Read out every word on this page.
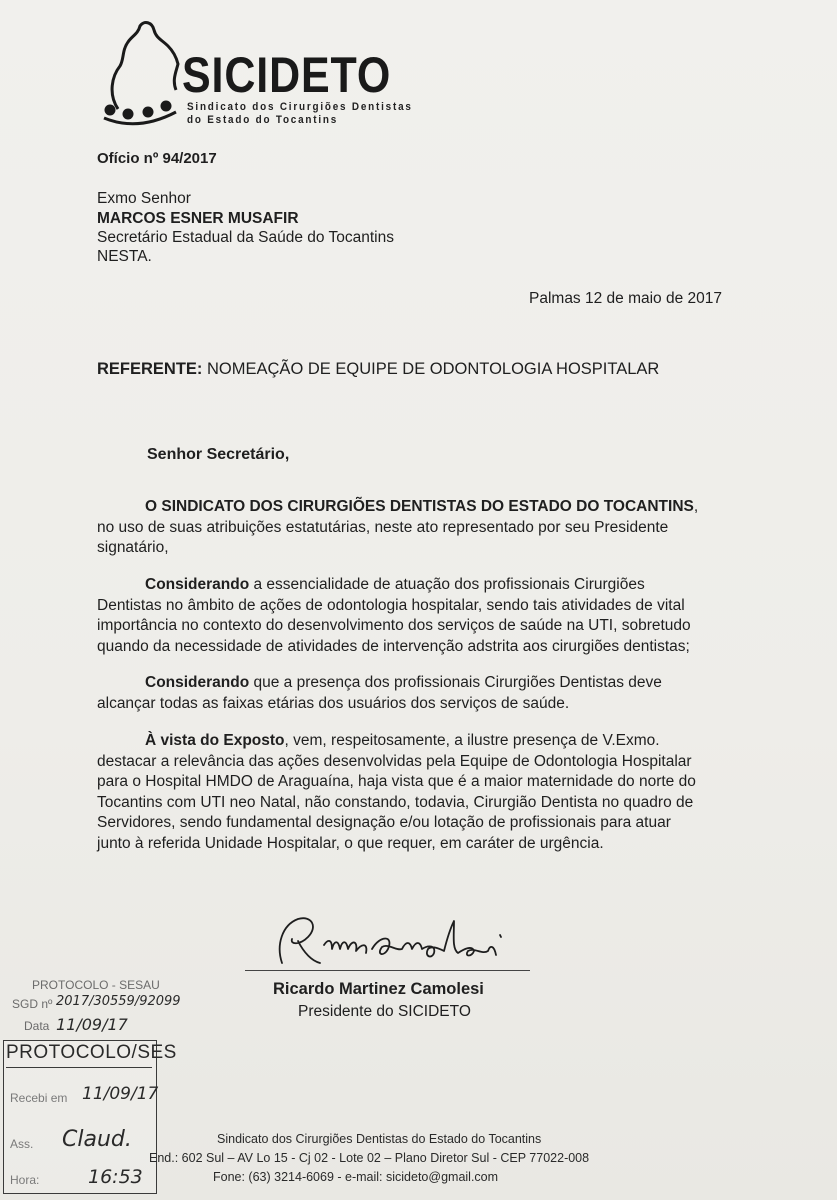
SICIDETO
Sindicato dos Cirurgiões Dentistas
do Estado do Tocantins
Ofício nº 94/2017
Exmo Senhor
MARCOS ESNER MUSAFIR
Secretário Estadual da Saúde do Tocantins
NESTA.
Palmas 12 de maio de 2017
REFERENTE: NOMEAÇÃO DE EQUIPE DE ODONTOLOGIA HOSPITALAR
Senhor Secretário,
O SINDICATO DOS CIRURGIÕES DENTISTAS DO ESTADO DO TOCANTINS,
no uso de suas atribuições estatutárias, neste ato representado por seu Presidente
signatário,
Considerando a essencialidade de atuação dos profissionais Cirurgiões
Dentistas no âmbito de ações de odontologia hospitalar, sendo tais atividades de vital
importância no contexto do desenvolvimento dos serviços de saúde na UTI, sobretudo
quando da necessidade de atividades de intervenção adstrita aos cirurgiões dentistas;
Considerando que a presença dos profissionais Cirurgiões Dentistas deve
alcançar todas as faixas etárias dos usuários dos serviços de saúde.
À vista do Exposto, vem, respeitosamente, a ilustre presença de V.Exmo.
destacar a relevância das ações desenvolvidas pela Equipe de Odontologia Hospitalar
para o Hospital HMDO de Araguaína, haja vista que é a maior maternidade do norte do
Tocantins com UTI neo Natal, não constando, todavia, Cirurgião Dentista no quadro de
Servidores, sendo fundamental designação e/ou lotação de profissionais para atuar
junto à referida Unidade Hospitalar, o que requer, em caráter de urgência.
Ricardo Martinez Camolesi
Presidente do SICIDETO
PROTOCOLO - SESAU
SGD nº 2017/30559/92099
Data 11/09/17
PROTOCOLO/SES
Recebi em 11/09/17
Ass. Claud.
Hora:	16:53
Sindicato dos Cirurgiões Dentistas do Estado do Tocantins
End.: 602 Sul – AV Lo 15 - Cj 02 - Lote 02 – Plano Diretor Sul - CEP 77022-008
Fone: (63) 3214-6069 - e-mail: sicideto@gmail.com
